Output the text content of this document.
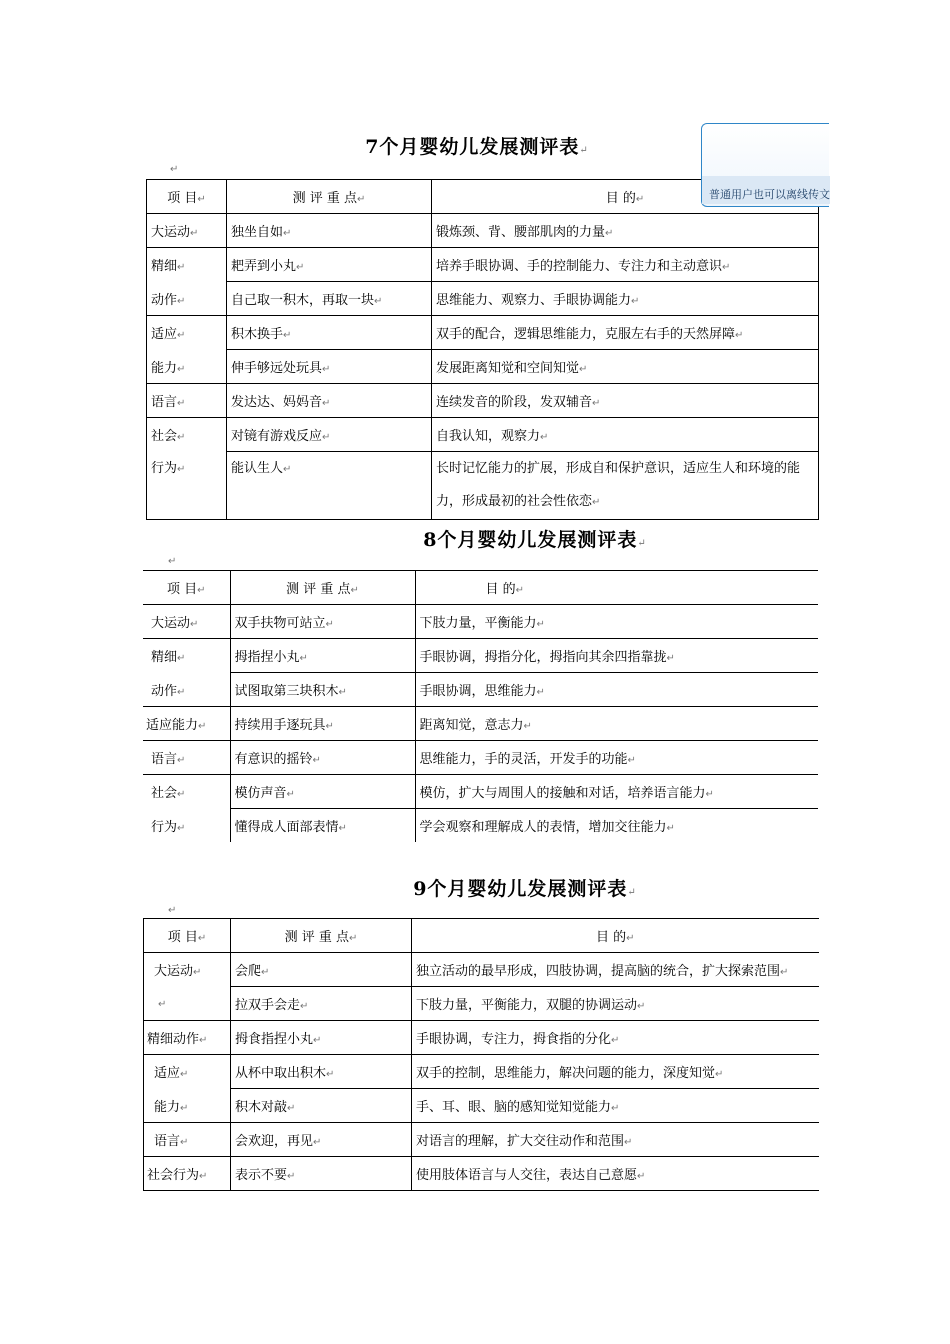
7个月婴幼儿发展测评表↵
↵
项 目↵	测 评 重 点↵	目 的↵
大运动↵	独坐自如↵	锻炼颈、背、腰部肌肉的力量↵
精细↵	耙弄到小丸↵	培养手眼协调、手的控制能力、专注力和主动意识↵
动作↵	自己取一积木，再取一块↵	思维能力、观察力、手眼协调能力↵
适应↵	积木换手↵	双手的配合，逻辑思维能力，克服左右手的天然屏障↵
能力↵	伸手够远处玩具↵	发展距离知觉和空间知觉↵
语言↵	发达达、妈妈音↵	连续发音的阶段，发双辅音↵
社会↵	对镜有游戏反应↵	自我认知，观察力↵
行为↵	能认生人↵	长时记忆能力的扩展，形成自和保护意识，适应生人和环境的能力，形成最初的社会性依恋↵
普通用户也可以离线传文
8个月婴幼儿发展测评表↵
↵
项 目↵	测 评 重 点↵	目 的↵
大运动↵	双手扶物可站立↵	下肢力量，平衡能力↵
精细↵	拇指捏小丸↵	手眼协调，拇指分化，拇指向其余四指靠拢↵
动作↵	试图取第三块积木↵	手眼协调，思维能力↵
适应能力↵	持续用手逐玩具↵	距离知觉，意志力↵
语言↵	有意识的摇铃↵	思维能力，手的灵活，开发手的功能↵
社会↵	模仿声音↵	模仿，扩大与周围人的接触和对话，培养语言能力↵
行为↵	懂得成人面部表情↵	学会观察和理解成人的表情，增加交往能力↵
9个月婴幼儿发展测评表↵
↵
项 目↵	测 评 重 点↵	目 的↵
大运动↵	会爬↵	独立活动的最早形成，四肢协调，提高脑的统合，扩大探索范围↵
↵	拉双手会走↵	下肢力量，平衡能力，双腿的协调运动↵
精细动作↵	拇食指捏小丸↵	手眼协调，专注力，拇食指的分化↵
适应↵	从杯中取出积木↵	双手的控制，思维能力，解决问题的能力，深度知觉↵
能力↵	积木对敲↵	手、耳、眼、脑的感知觉知觉能力↵
语言↵	会欢迎，再见↵	对语言的理解，扩大交往动作和范围↵
社会行为↵	表示不要↵	使用肢体语言与人交往，表达自己意愿↵
